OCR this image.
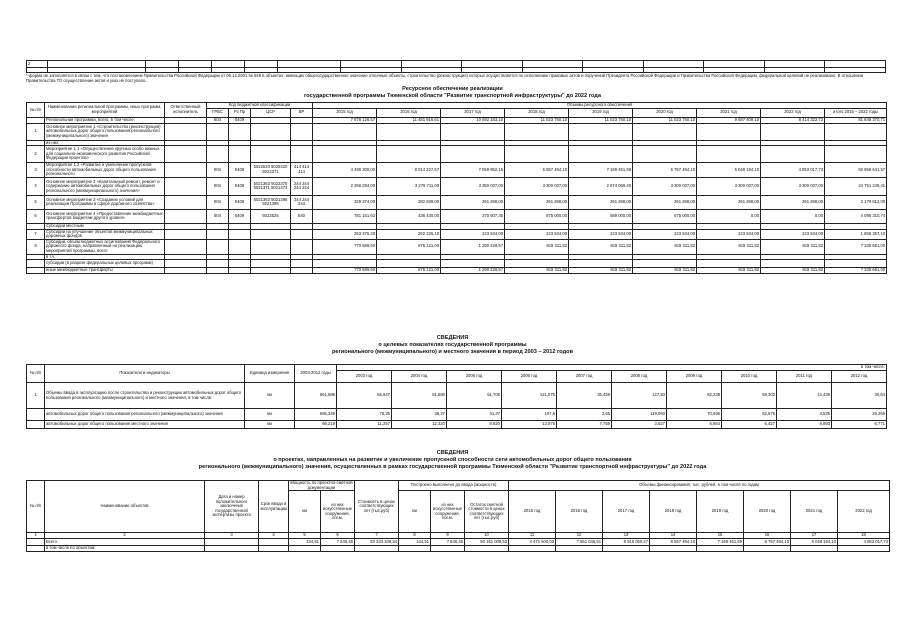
2															

*-форма не заполняется в связи с тем, что постановлением Правительства Российской Федерации от 05.12.2001 № 848 в объектах, имеющих общегосударственное значение отличные объекты, строительство (реконструкция) которых осуществляется по исполнению правовых актов и поручений Президента Российской Федерации и Правительства Российской Федерации, федеральной целевой не реализовано. В отношении Правительства ТО осуществление актов и указ не поступало.
Ресурсное обеспечение реализации
государственной программы Тюменской области "Развитие транспортной инфраструктуры" до 2022 года
№ п/п	Наименование региональной программы, иных программ, мероприятий	Ответственный исполнитель	Код бюджетной классификации				Объемы ресурсного обеспечения								
			ГРБС	Рз Пр	ЦСР	ВР	2015 год	2016 год	2017 год	2018 год	2019 год	2020 год	2021 год	2022 год	итого 2015 – 2022 годы
	Региональная программа, всего, в том числе:		604	0409			7 678 126,57	11 481 916,61	10 592 183,10	11 023 750,10	11 023 750,10	11 023 750,10	9 687 409,10	8 414 322,73	81 845 370,71
1	Основное мероприятие 1 «Строительство (реконструкция) автомобильных дорог общего пользования регионального (межмуниципального) значения														
	из них:														
2	Мероприятие 1.1 «Осуществление крупных особо важных для социально-экономического развития Российской Федерации проектов»														
3	Мероприятие 1.2 «Развитие и увеличение пропускной способности автомобильных дорог общего пользования регионального		604	0409	5022520 5025420 5022371	414 414 414	4 499 300,00	8 014 227,67	7 059 852,15	6 557 494,10	7 169 451,69	6 757 494,10	5 048 194,10	4 853 017,73	50 958 641,57
4	Основное мероприятие 2 «Капитальный ремонт, ремонт и содержание автомобильных дорог общего пользования регионального (межмуниципального) значения»		604	0409	5021363 5022370 5021371 5021373	244 244 244 244	2 256 284,00	3 276 711,00	3 350 037,00	3 300 037,00	2 674 069,40	3 300 037,00	3 300 037,00	3 300 037,00	24 751 249,41
5	Основное мероприятие 3 «Создание условий для реализации Программы в сфере дорожного хозяйства»		604	0409	5021363 5021395 5021396	244 244 244	329 374,00	282 839,00	261 268,00	261 268,00	261 268,00	261 268,00	261 268,00	261 268,00	2 179 812,00
6	Основное мероприятие 4 «Предоставление межбюджетных трансфертов бюджетам другого уровня»		604	0409	5022525	540	781 151,63	436 430,00	370 507,35	875 000,00	589 000,00	675 000,00	0,00	0,00	4 095 310,74
	Cубсидии местным														
7	Субсидии на улучшение объектов межмуниципальных дорожных фондов						263 376,20	262 226,10	223 534,00	223 534,00	223 534,00	223 534,00	223 534,00	223 534,00	1 866 357,10
8	Субсидии, объем бюджетных ассигнований Федерального дорожного фонда, направленный на реализацию мероприятий программы, всего						770 589,60	876 121,00	1 290 228,57	919 311,82	919 311,82	919 311,82	919 311,82	919 311,82	7 335 661,00
	в т.ч.:														
	субсидии (в разрезе федеральных целевых программ)														
	иные межбюджетные трансферты						770 589,60	876 121,00	1 290 228,57	919 311,82	919 311,82	919 311,82	919 311,82	919 311,82	7 335 661,00
СВЕДЕНИЯ
о целевых показателях государственной программы
регионального (межмуниципального) и местного значения в период 2003 – 2012 годов
№ п/п	Показатели и индикаторы	Единица измерения	2003-2012 годы	в том числе:									
				2003 год	2004 год	2005 год	2006 год	2007 год	2008 год	2009 год	2010 год	2011 год	2012 год
1	Объемы ввода в эксплуатацию после строительства и реконструкции автомобильных дорог общего пользования регионального (межмуниципального) и местного значения, в том числе:	км	661,585	55,647	81,680	51,706	121,076	35,459	127,83	82,239	69,302	14,439	30,64
	автомобильных дорог общего пользования регионального (межмуниципального) значения	км	595,349	76,35	36,37	41,37	107,6	2,65	119,093	70,695	62,675	4,535	29,269
	автомобильных дорог общего пользования местного значения	км	66,219	11,257	12,320	9,820	13,576	7,759	3,627	6,864	6,427	9,893	6,771
СВЕДЕНИЯ
о проектах, направленных на развитие и увеличение пропускной способности сети автомобильных дорог общего пользования
регионального (межмуниципального) значения, осуществленных в рамках государственной программы Тюменской области "Развитие транспортной инфраструктуры" до 2022 года
№ п/п	Наименование объектов	Дата и номер положительного заключения государственной экспертизы проекта	Срок ввода в эксплуатацию	Мощность по проектно-сметной документации		Стоимость в ценах соответствующих лет (тыс.руб)	Построено выполнено до ввода (мощности)			Объемы финансирования, тыс. рублей, в том числе по годам							
				км	из них искусственные сооружения, пог.м.		км	из них искусственные сооружения, пог.м.	Остаток сметной стоимости в ценах соответствующих лет (тыс.руб)	2015 год	2016 год	2017 год	2018 год	2019 год	2020 год	2021 год	2022 год
1	2	3	4	5	6	7	8	9	10	11	12	13	14	15	16	17	18
	Всего			134,51	7 646,45	83 333 349,34	134,51	7 646,45	50 161 009,53	4 471 500,00	7 651 046,51	6 916 050,27	6 557 494,10	7 169 451,69	6 757 494,10	5 048 194,10	4 853 017,73
	в том числе по объектам:																
